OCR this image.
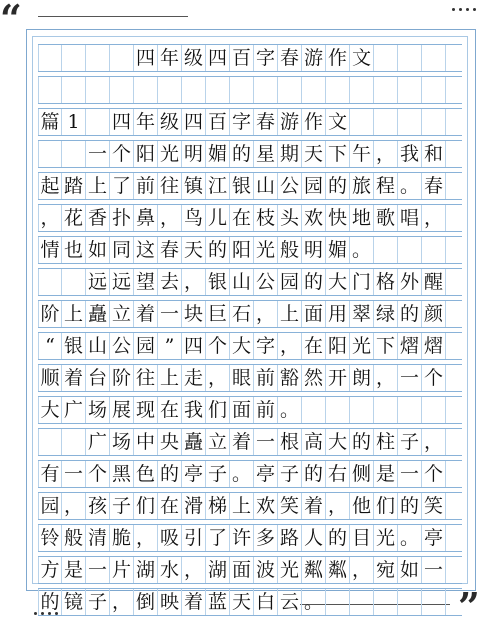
“
”
四 年 级 四 百 字 春 游 作 文
篇 1	四 年 级 四 百 字 春 游 作 文
一 个 阳 光 明 媚 的 星 期 天 下 午 ， 我 和
起 踏 上 了 前 往 镇 江 银 山 公 园 的 旅 程 。 春
， 花 香 扑 鼻 ， 鸟 儿 在 枝 头 欢 快 地 歌 唱 ，
情 也 如 同 这 春 天 的 阳 光 般 明 媚 。
远 远 望 去 ， 银 山 公 园 的 大 门 格 外 醒
阶 上 矗 立 着 一 块 巨 石 ， 上 面 用 翠 绿 的 颜
“ 银 山 公 园 ” 四 个 大 字 ， 在 阳 光 下 熠 熠
顺 着 台 阶 往 上 走 ， 眼 前 豁 然 开 朗 ， 一 个
大 广 场 展 现 在 我 们 面 前 。
广 场 中 央 矗 立 着 一 根 高 大 的 柱 子 ，
有 一 个 黑 色 的 亭 子 。 亭 子 的 右 侧 是 一 个
园 ， 孩 子 们 在 滑 梯 上 欢 笑 着 ， 他 们 的 笑
铃 般 清 脆 ， 吸 引 了 许 多 路 人 的 目 光 。 亭
方 是 一 片 湖 水 ， 湖 面 波 光 粼 粼 ， 宛 如 一
的 镜 子 ， 倒 映 着 蓝 天 白 云 。
